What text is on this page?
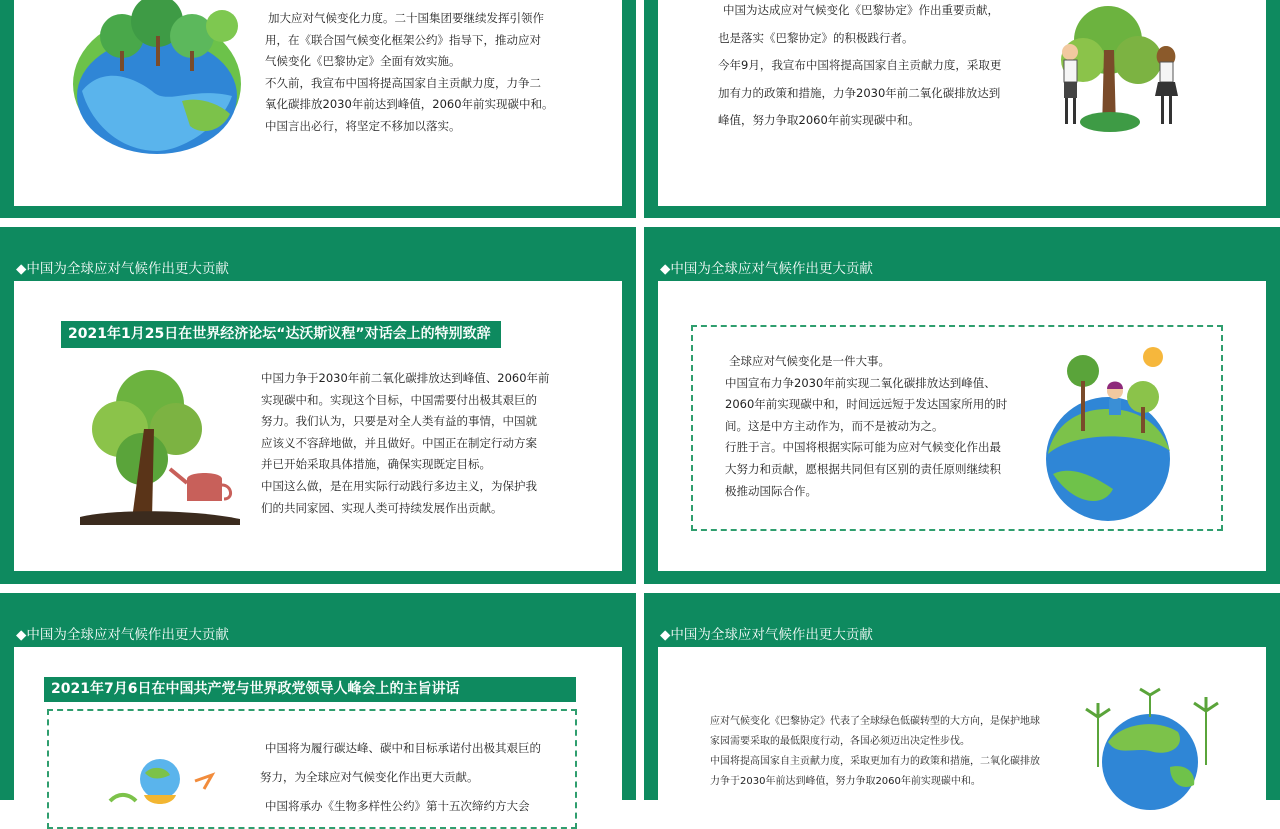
加大应对气候变化力度。二十国集团要继续发挥引领作

用，在《联合国气候变化框架公约》指导下，推动应对

气候变化《巴黎协定》全面有效实施。

不久前，我宣布中国将提高国家自主贡献力度，力争二

氧化碳排放2030年前达到峰值，2060年前实现碳中和。

中国言出必行，将坚定不移加以落实。

中国为达成应对气候变化《巴黎协定》作出重要贡献，

也是落实《巴黎协定》的积极践行者。

今年9月，我宣布中国将提高国家自主贡献力度，采取更

加有力的政策和措施，力争2030年前二氧化碳排放达到

峰值，努力争取2060年前实现碳中和。

◆中国为全球应对气候作出更大贡献
2021年1月25日在世界经济论坛“达沃斯议程”对话会上的特别致辞

中国力争于2030年前二氧化碳排放达到峰值、2060年前

实现碳中和。实现这个目标，中国需要付出极其艰巨的

努力。我们认为，只要是对全人类有益的事情，中国就

应该义不容辞地做，并且做好。中国正在制定行动方案

并已开始采取具体措施，确保实现既定目标。

中国这么做，是在用实际行动践行多边主义，为保护我

们的共同家园、实现人类可持续发展作出贡献。

◆中国为全球应对气候作出更大贡献

全球应对气候变化是一件大事。

中国宣布力争2030年前实现二氧化碳排放达到峰值、

2060年前实现碳中和，时间远远短于发达国家所用的时

间。这是中方主动作为，而不是被动为之。

行胜于言。中国将根据实际可能为应对气候变化作出最

大努力和贡献，愿根据共同但有区别的责任原则继续积

极推动国际合作。

◆中国为全球应对气候作出更大贡献
2021年7月6日在中国共产党与世界政党领导人峰会上的主旨讲话

中国将为履行碳达峰、碳中和目标承诺付出极其艰巨的

努力，为全球应对气候变化作出更大贡献。

中国将承办《生物多样性公约》第十五次缔约方大会

◆中国为全球应对气候作出更大贡献

应对气候变化《巴黎协定》代表了全球绿色低碳转型的大方向，是保护地球

家园需要采取的最低限度行动，各国必须迈出决定性步伐。

中国将提高国家自主贡献力度，采取更加有力的政策和措施，二氧化碳排放

力争于2030年前达到峰值，努力争取2060年前实现碳中和。
